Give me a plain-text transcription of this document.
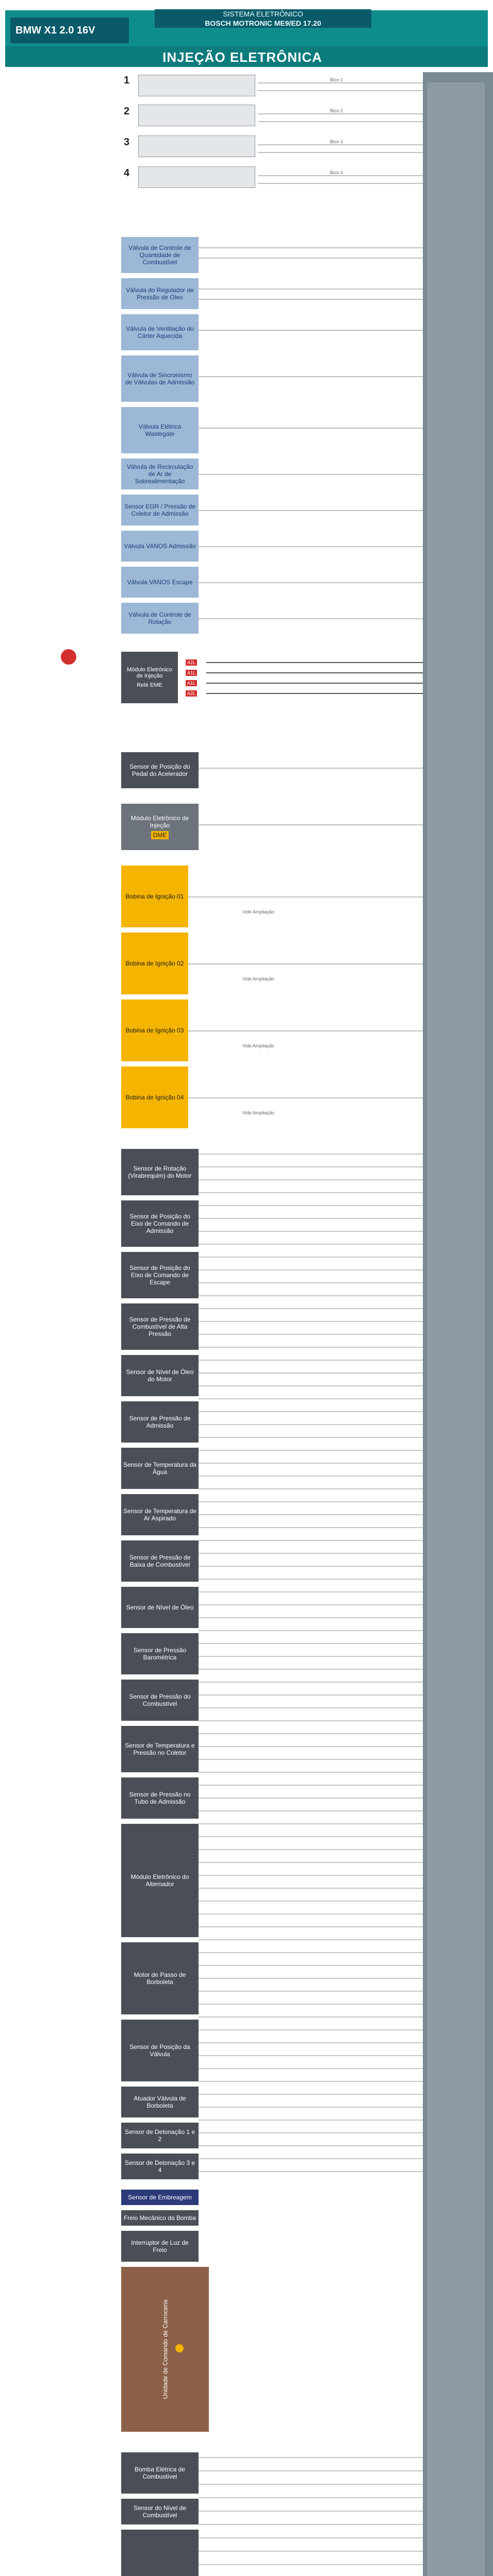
BMW X1 2.0 16V
SISTEMA ELETRÔNICO
BOSCH MOTRONIC ME9/ED 17.20
INJEÇÃO ELETRÔNICA
1
2
3
4
Bico 1
Bico 2
Bico 3
Bico 4
Válvula de Controle de Quantidade de Combustível
Válvula do Regulador de Pressão de Óleo
Válvula de Ventilação do Cárter Aquecida
Válvula de Sincronismo de Válvulas de Admissão
Válvula Elétrica Wastegate
Válvula de Recirculação de Ar de Sobrealimentação
Sensor EGR / Pressão de Coletor de Admissão
Válvula VANOS Admissão
Válvula VANOS Escape
Válvula de Controle de Rotação
Módulo Eletrônico de Injeção
Relé EME
A2L
A1L
A1L
A2L
Sensor de Posição do Pedal do Acelerador
Módulo Eletrônico de Injeção
DME
Bobina de Ignição 01
Bobina de Ignição 02
Bobina de Ignição 03
Bobina de Ignição 04
Vide Ampliação
Vide Ampliação
Vide Ampliação
Vide Ampliação
Sensor de Rotação (Virabrequim) do Motor
Sensor de Posição do Eixo de Comando de Admissão
Sensor de Posição do Eixo de Comando de Escape
Sensor de Pressão de Combustível de Alta Pressão
Sensor de Nível de Óleo do Motor
Sensor de Pressão de Admissão
Sensor de Temperatura da Água
Sensor de Temperatura de Ar Aspirado
Sensor de Pressão de Baixa de Combustível
Sensor de Nível de Óleo
Sensor de Pressão Barométrica
Sensor de Pressão do Combustível
Sensor de Temperatura e Pressão no Coletor
Sensor de Pressão no Tubo de Admissão
Módulo Eletrônico do Alternador
Motor de Passo de Borboleta
Sensor de Posição da Válvula
Atuador Válvula de Borboleta
Sensor de Detonação 1 e 2
Sensor de Detonação 3 e 4
Sensor de Embreagem
Freio Mecânico da Bomba
Interruptor de Luz de Freio
Unidade de Comando de Carroceria
Bomba Elétrica de Combustível
Sensor do Nível de Combustível
